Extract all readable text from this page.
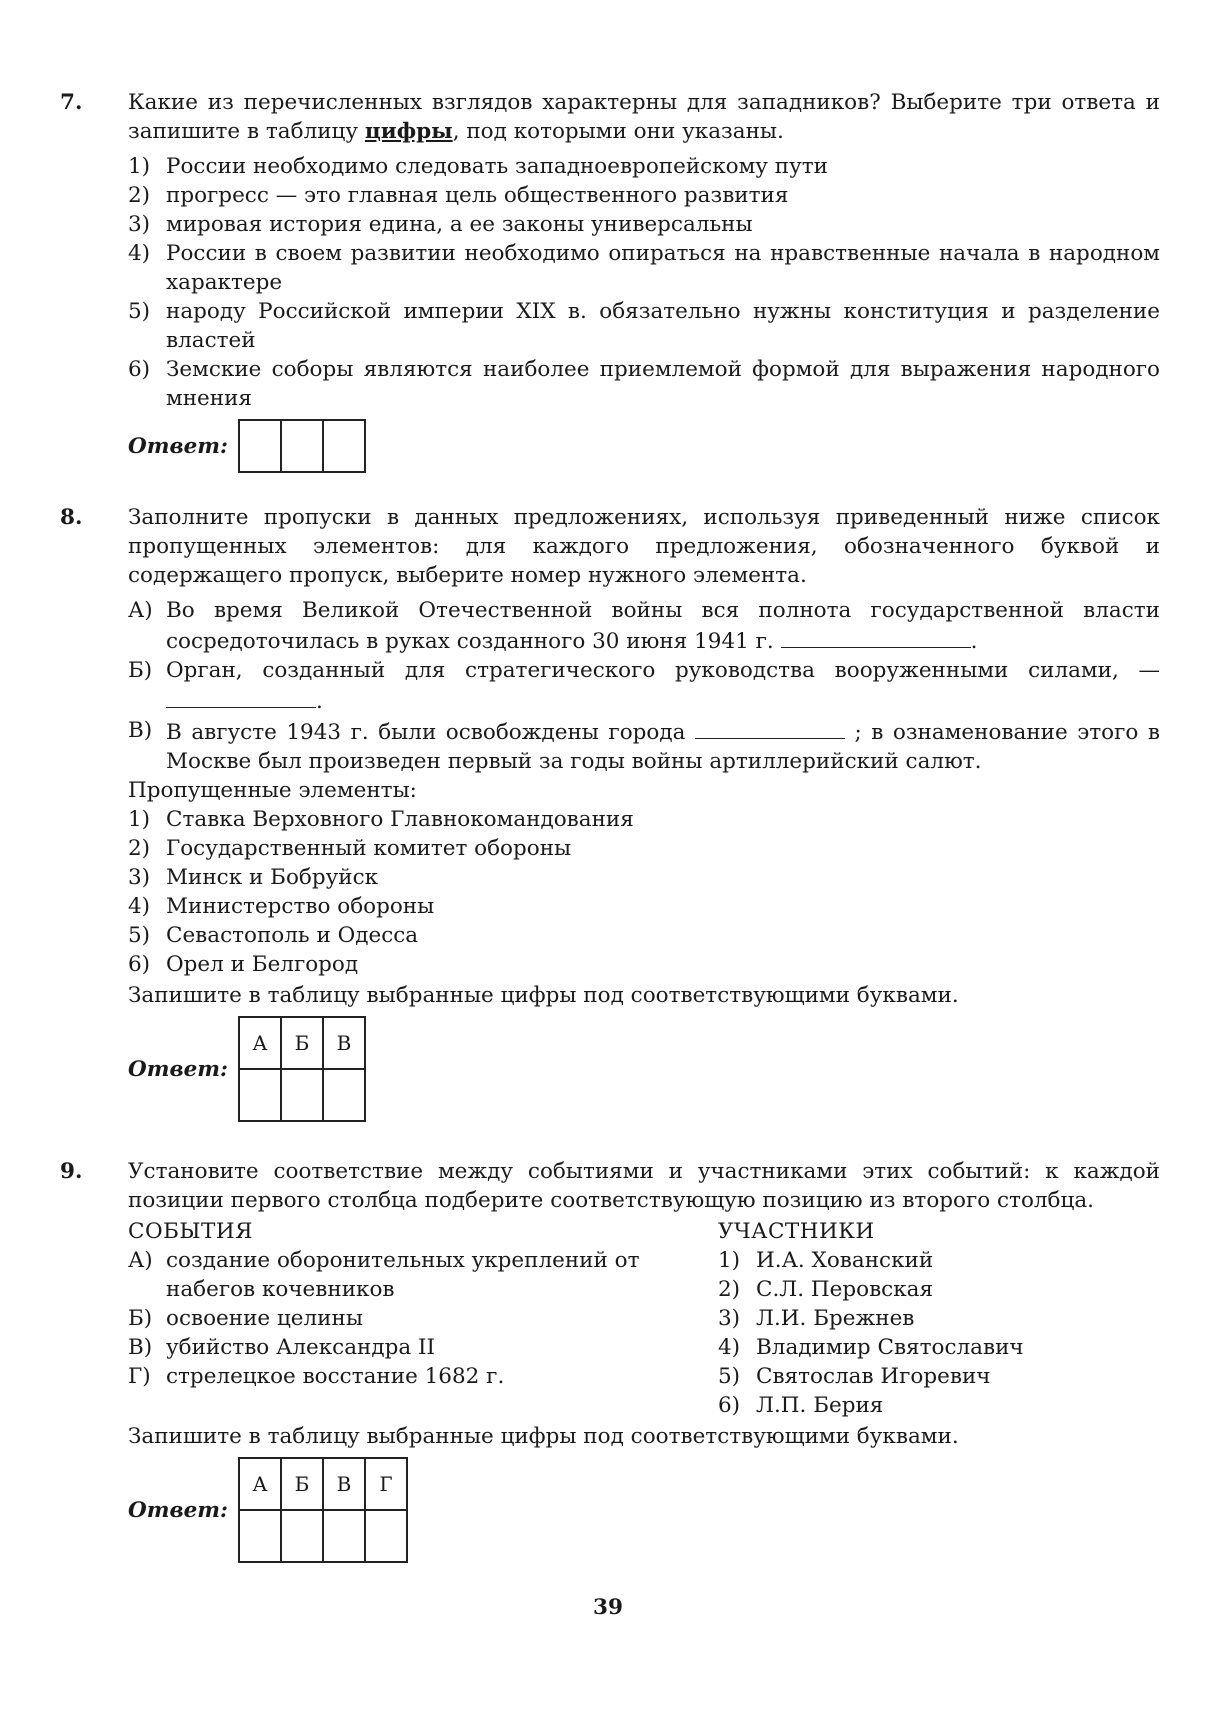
7. Какие из перечисленных взглядов характерны для западников? Выберите три ответа и запишите в таблицу цифры, под которыми они указаны.

1) России необходимо следовать западноевропейскому пути
2) прогресс — это главная цель общественного развития
3) мировая история едина, а ее законы универсальны
4) России в своем развитии необходимо опираться на нравственные начала в народном характере
5) народу Российской империи XIX в. обязательно нужны конституция и разделение властей
6) Земские соборы являются наиболее приемлемой формой для выражения народного мнения
Ответ:

8. Заполните пропуски в данных предложениях, используя приведенный ниже список пропущенных элементов: для каждого предложения, обозначенного буквой и содержащего пропуск, выберите номер нужного элемента.

А) Во время Великой Отечественной войны вся полнота государственной власти сосредоточилась в руках созданного 30 июня 1941 г.	.
Б) Орган, созданный для стратегического руководства вооруженными силами, — .
В) В августе 1943 г. были освобождены города	; в ознаменование этого в Москве был произведен первый за годы войны артиллерийский салют.

Пропущенные элементы:

1) Ставка Верховного Главнокомандования
2) Государственный комитет обороны
3) Минск и Бобруйск
4) Министерство обороны
5) Севастополь и Одесса
6) Орел и Белгород

Запишите в таблицу выбранные цифры под соответствующими буквами.

Ответ:
А	Б	В

9. Установите соответствие между событиями и участниками этих событий: к каждой позиции первого столбца подберите соответствующую позицию из второго столбца.

СОБЫТИЯ
А) создание оборонительных укреплений от набегов кочевников
Б) освоение целины
В) убийство Александра II
Г) стрелецкое восстание 1682 г.
УЧАСТНИКИ
1) И.А. Хованский
2) С.Л. Перовская
3) Л.И. Брежнев
4) Владимир Святославич
5) Святослав Игоревич
6) Л.П. Берия

Запишите в таблицу выбранные цифры под соответствующими буквами.

Ответ:
А	Б	В	Г

39
